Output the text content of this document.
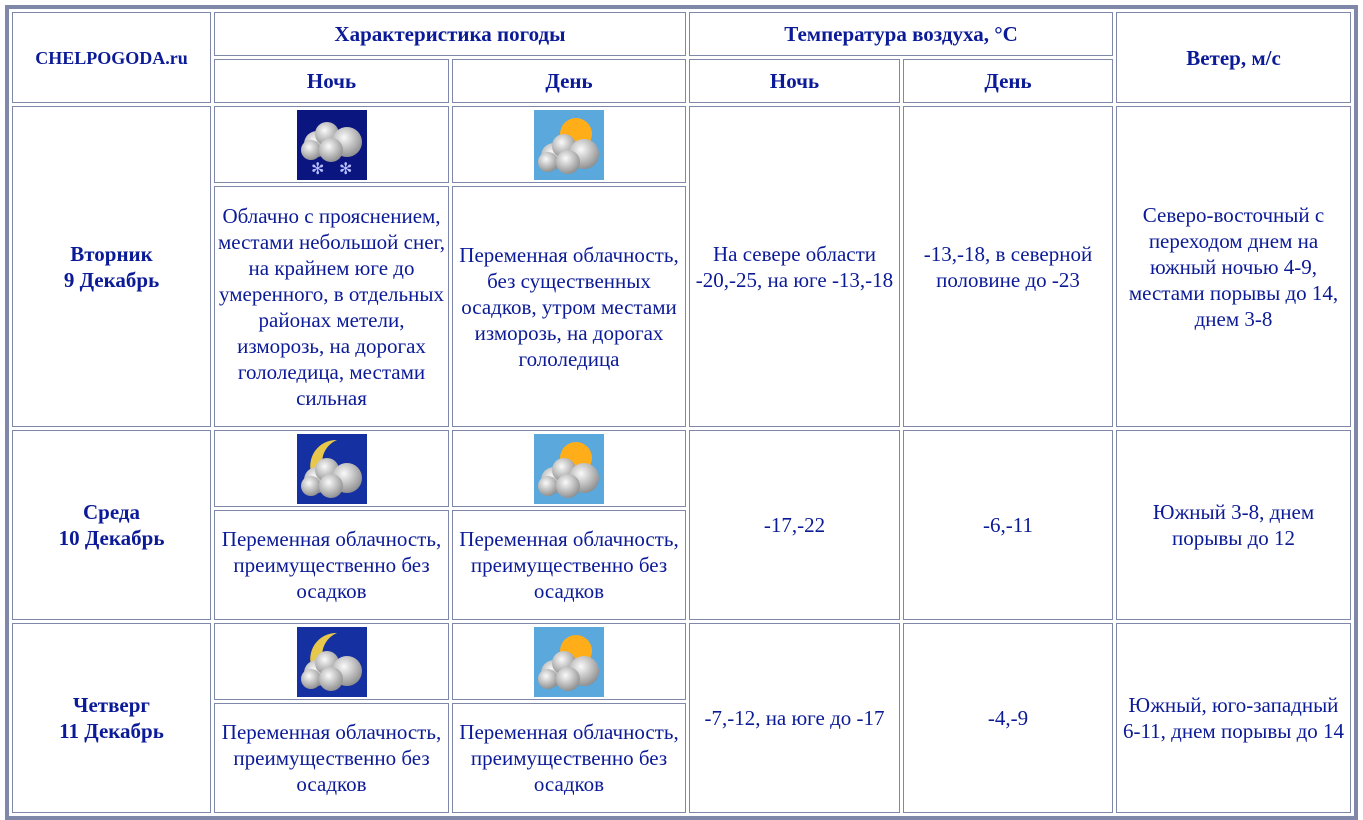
CHELPOGODA.ru	Характеристика погоды		Температура воздуха, °C		Ветер, м/с
	Ночь	День	Ночь	День	
Вторник
9 Декабрь			На севере области -20,-25, на юге -13,-18	-13,-18, в северной половине до -23	Северо-восточный с переходом днем на южный ночью 4-9, местами порывы до 14, днем 3-8
	Облачно с прояснением, местами небольшой снег, на крайнем юге до умеренного, в отдельных районах метели, изморозь, на дорогах гололедица, местами сильная	Переменная облачность, без существенных осадков, утром местами изморозь, на дорогах гололедица			
Среда
10 Декабрь			-17,-22	-6,-11	Южный 3-8, днем порывы до 12
	Переменная облачность, преимущественно без осадков	Переменная облачность, преимущественно без осадков			
Четверг
11 Декабрь			-7,-12, на юге до -17	-4,-9	Южный, юго-западный 6-11, днем порывы до 14
	Переменная облачность, преимущественно без осадков	Переменная облачность, преимущественно без осадков			
